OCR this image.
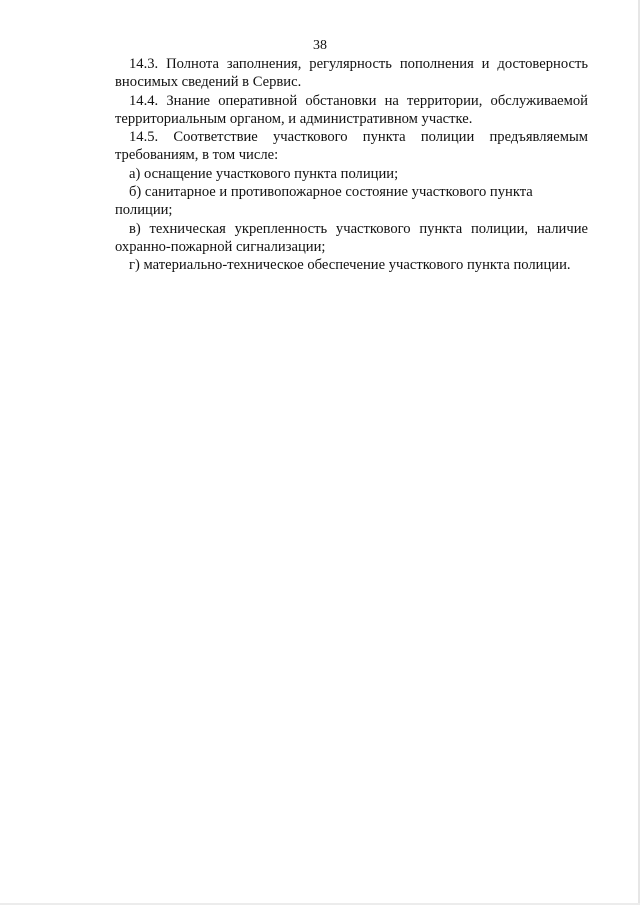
38

14.3. Полнота заполнения, регулярность пополнения и достоверность вносимых сведений в Сервис.

14.4. Знание оперативной обстановки на территории, обслуживаемой территориальным органом, и административном участке.

14.5. Соответствие участкового пункта полиции предъявляемым требованиям, в том числе:

а) оснащение участкового пункта полиции;

б) санитарное и противопожарное состояние участкового пункта полиции;

в) техническая укрепленность участкового пункта полиции, наличие охранно-пожарной сигнализации;

г) материально-техническое обеспечение участкового пункта полиции.
